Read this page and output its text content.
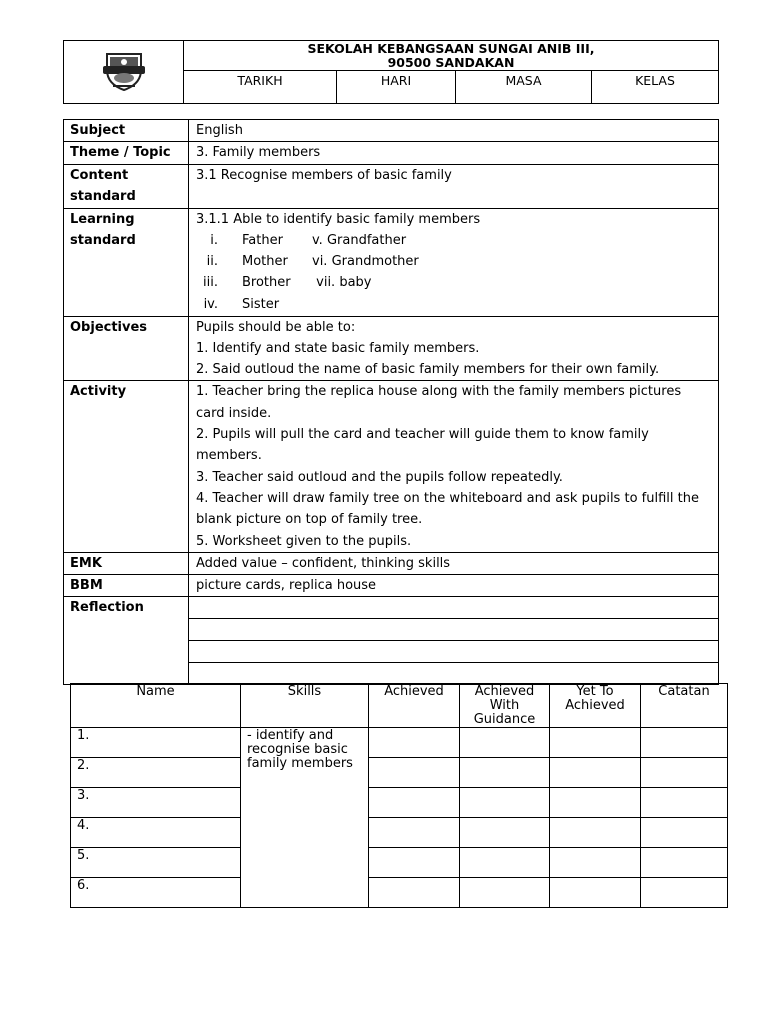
SEKOLAH KEBANGSAAN SUNGAI ANIB III,
90500 SANDAKAN			

	TARIKH	HARI	MASA	KELAS
Subject	English
Theme / Topic	3. Family members

Content
standard
	3.1 Recognise members of basic family

Learning
standard

3.1.1 Able to identify basic family members
i. Father	v. Grandfather
ii. Mother	vi. Grandmother
iii. Brother	vii. baby
iv. Sister

Objectives	Pupils should be able to:
1. Identify and state basic family members.
2. Said outloud the name of basic family members for their own family.

Activity	1. Teacher bring the replica house along with the family members pictures card inside.
2. Pupils will pull the card and teacher will guide them to know family members.
3. Teacher said outloud and the pupils follow repeatedly.
4. Teacher will draw family tree on the whiteboard and ask pupils to fulfill the blank picture on top of family tree.
5. Worksheet given to the pupils.

EMK	Added value – confident, thinking skills
BBM	picture cards, replica house
Reflection	

Name	Skills	Achieved	Achieved With Guidance	Yet To Achieved	Catatan
1.	- identify and recognise basic family members				
2.					
3.					
4.					
5.					
6.					
